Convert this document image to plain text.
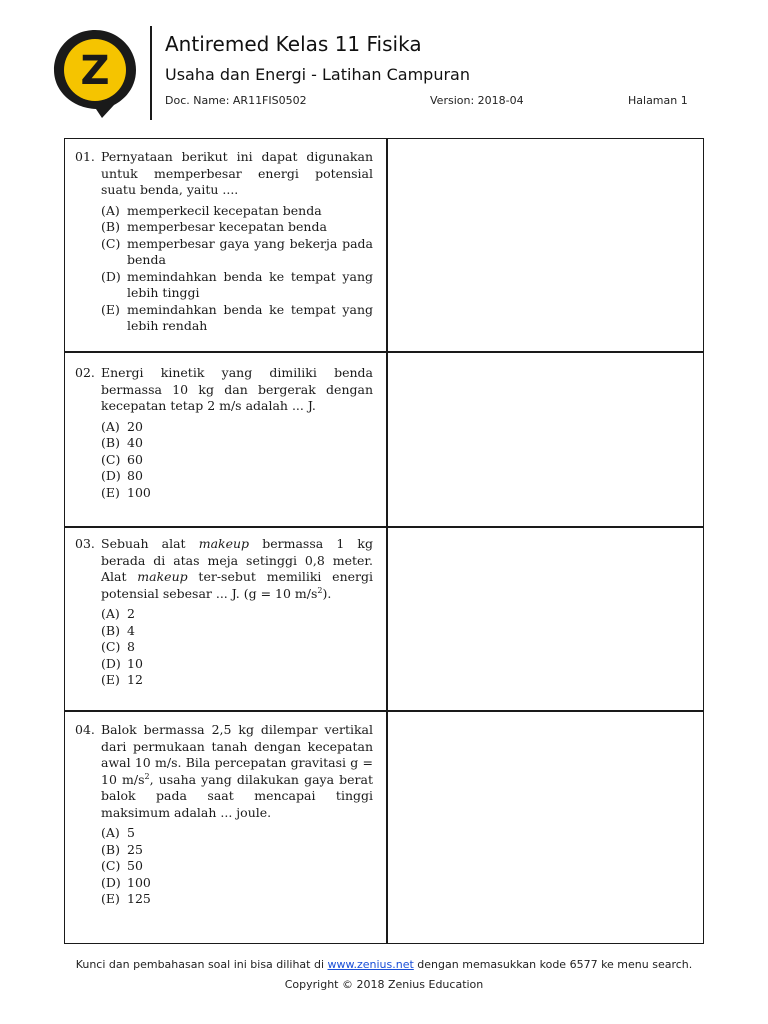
Z
Antiremed Kelas 11 Fisika
Usaha dan Energi - Latihan Campuran
Doc. Name: AR11FIS0502	Version: 2018-04	Halaman 1
01. Pernyataan berikut ini dapat digunakan untuk memperbesar energi potensial suatu benda, yaitu ....
(A) memperkecil kecepatan benda
(B) memperbesar kecepatan benda
(C) memperbesar gaya yang bekerja pada benda
(D) memindahkan benda ke tempat yang lebih tinggi
(E) memindahkan benda ke tempat yang lebih rendah
02. Energi kinetik yang dimiliki benda bermassa 10 kg dan bergerak dengan kecepatan tetap 2 m/s adalah ... J.
(A) 20
(B) 40
(C) 60
(D) 80
(E) 100
03. Sebuah alat makeup bermassa 1 kg berada di atas meja setinggi 0,8 meter. Alat makeup ter-sebut memiliki energi potensial sebesar ... J. (g = 10 $m/s^2$).
(A) 2
(B) 4
(C) 8
(D) 10
(E) 12
04. Balok bermassa 2,5 kg dilempar vertikal dari permukaan tanah dengan kecepatan awal 10 m/s. Bila percepatan gravitasi g = 10 $m/s^2$, usaha yang dilakukan gaya berat balok pada saat mencapai tinggi maksimum adalah ... joule.
(A) 5
(B) 25
(C) 50
(D) 100
(E) 125
Kunci dan pembahasan soal ini bisa dilihat di www.zenius.net dengan memasukkan kode 6577 ke menu search.
Copyright © 2018 Zenius Education
